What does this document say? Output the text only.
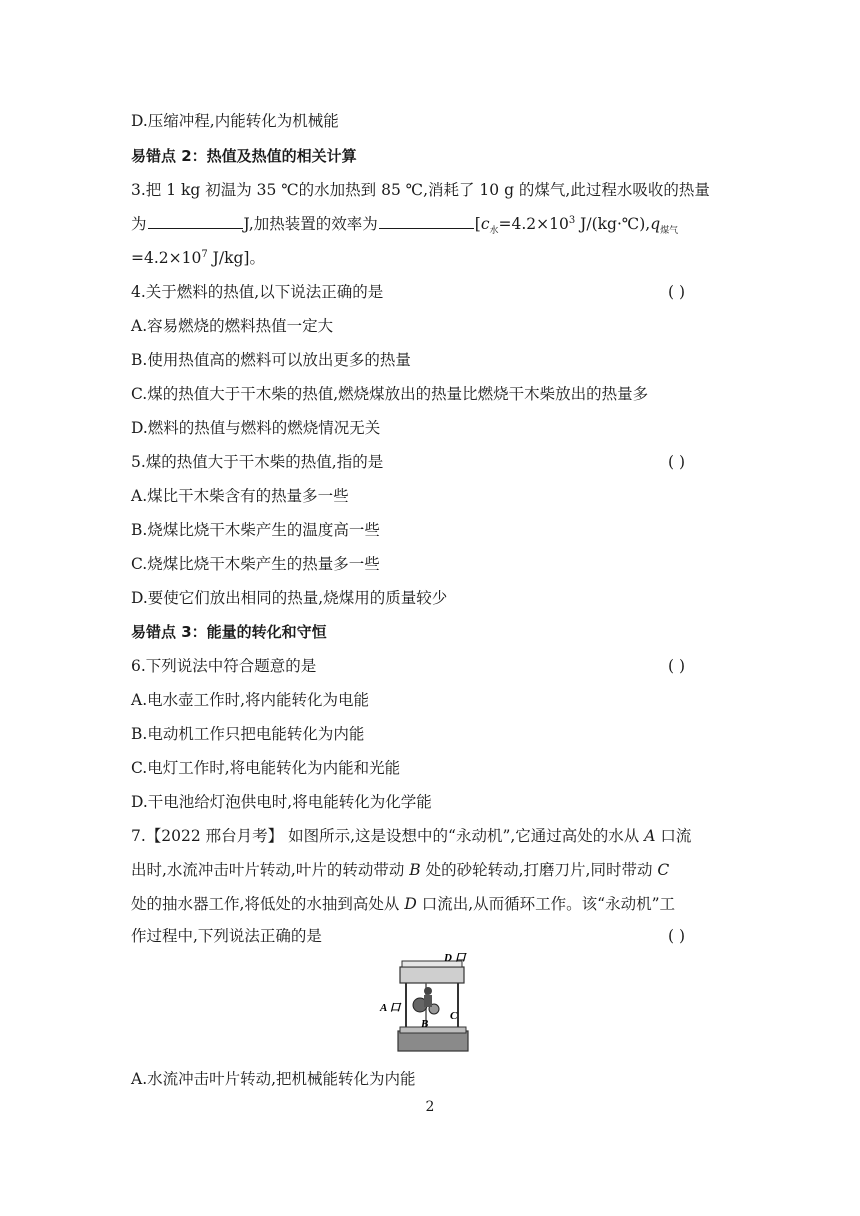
D.压缩冲程,内能转化为机械能
易错点 2：热值及热值的相关计算
3.把 1 kg 初温为 35 ℃的水加热到 85 ℃,消耗了 10 g 的煤气,此过程水吸收的热量
为	J,加热装置的效率为	[$c_水=4.2\times 10^3$ $J/(kg\cdot℃),q_{煤气}$
$=4.2\times 10^7$ J/kg]。
4.关于燃料的热值,以下说法正确的是	( )
A.容易燃烧的燃料热值一定大
B.使用热值高的燃料可以放出更多的热量
C.煤的热值大于干木柴的热值,燃烧煤放出的热量比燃烧干木柴放出的热量多
D.燃料的热值与燃料的燃烧情况无关
5.煤的热值大于干木柴的热值,指的是	( )
A.煤比干木柴含有的热量多一些
B.烧煤比烧干木柴产生的温度高一些
C.烧煤比烧干木柴产生的热量多一些
D.要使它们放出相同的热量,烧煤用的质量较少
易错点 3：能量的转化和守恒
6.下列说法中符合题意的是	( )
A.电水壶工作时,将内能转化为电能
B.电动机工作只把电能转化为内能
C.电灯工作时,将电能转化为内能和光能
D.干电池给灯泡供电时,将电能转化为化学能
7.【2022 邢台月考】 如图所示,这是设想中的“永动机”,它通过高处的水从 A 口流
出时,水流冲击叶片转动,叶片的转动带动 B 处的砂轮转动,打磨刀片,同时带动 C
处的抽水器工作,将低处的水抽到高处从 D 口流出,从而循环工作。该“永动机”工
作过程中,下列说法正确的是	( )
D 口
A 口
B
C
A.水流冲击叶片转动,把机械能转化为内能
2
